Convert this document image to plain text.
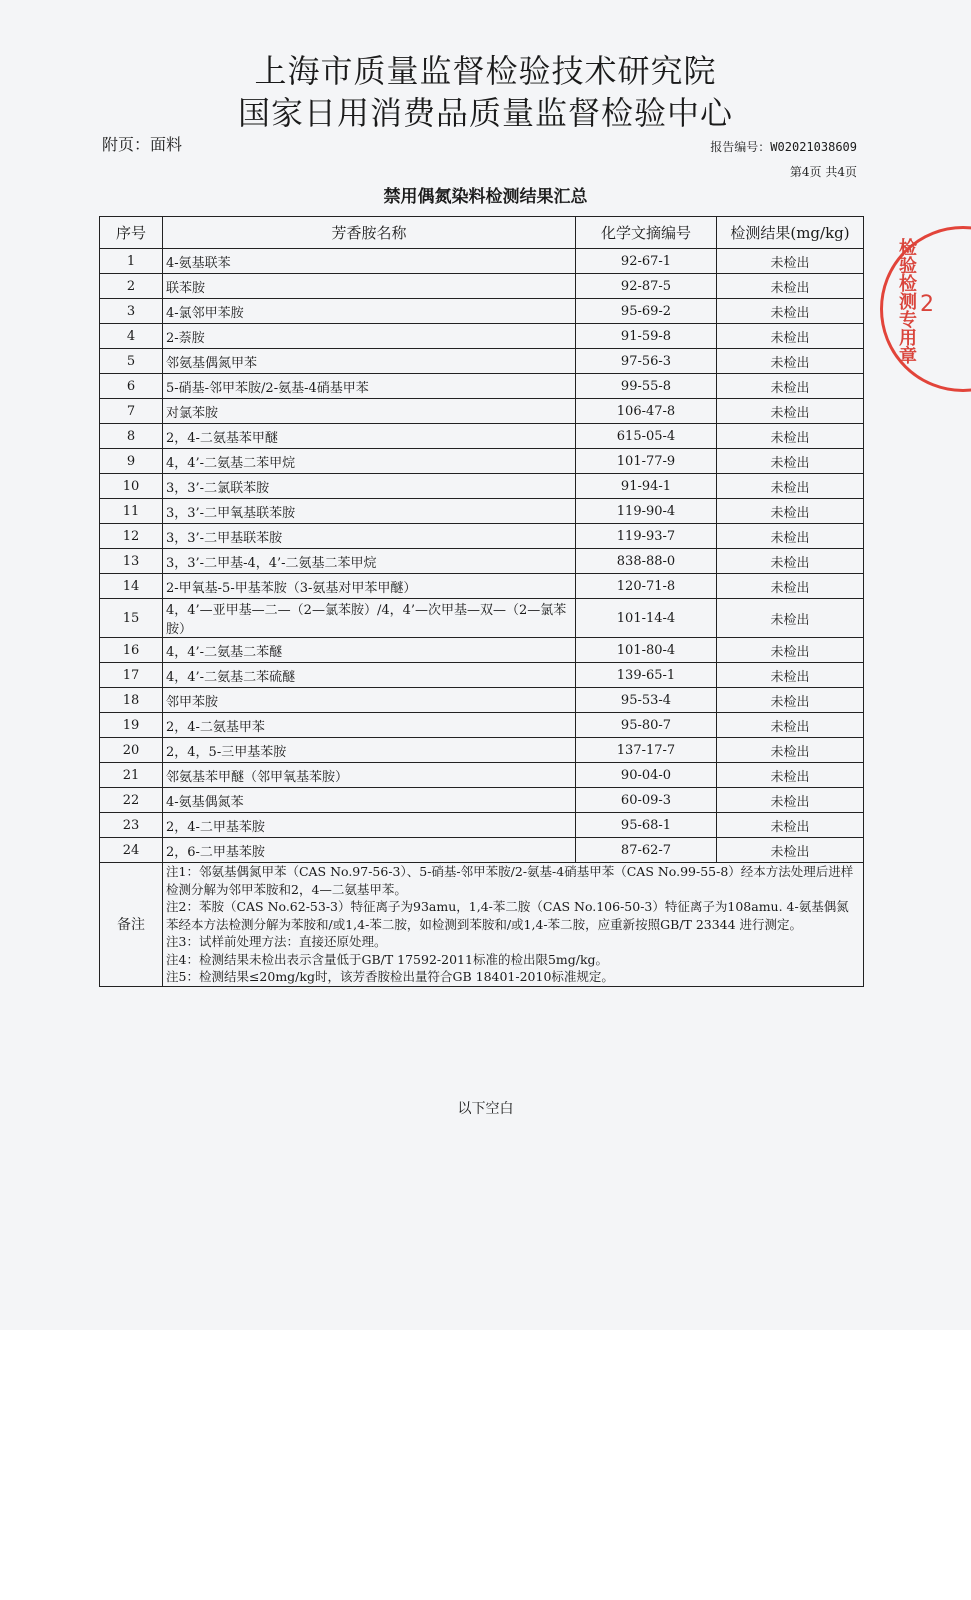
上海市质量监督检验技术研究院
国家日用消费品质量监督检验中心
附页：面料	报告编号：W02021038609
第4页 共4页
禁用偶氮染料检测结果汇总
序号	芳香胺名称	化学文摘编号	检测结果(mg/kg)
1	4-氨基联苯	92-67-1	未检出
2	联苯胺	92-87-5	未检出
3	4-氯邻甲苯胺	95-69-2	未检出
4	2-萘胺	91-59-8	未检出
5	邻氨基偶氮甲苯	97-56-3	未检出
6	5-硝基-邻甲苯胺/2-氨基-4硝基甲苯	99-55-8	未检出
7	对氯苯胺	106-47-8	未检出
8	2，4-二氨基苯甲醚	615-05-4	未检出
9	4，4’-二氨基二苯甲烷	101-77-9	未检出
10	3，3’-二氯联苯胺	91-94-1	未检出
11	3，3’-二甲氧基联苯胺	119-90-4	未检出
12	3，3’-二甲基联苯胺	119-93-7	未检出
13	3，3’-二甲基-4，4’-二氨基二苯甲烷	838-88-0	未检出
14	2-甲氧基-5-甲基苯胺（3-氨基对甲苯甲醚）	120-71-8	未检出
15	4，4’—亚甲基—二—（2—氯苯胺）/4，4’—次甲基—双—（2—氯苯胺）	101-14-4	未检出
16	4，4’-二氨基二苯醚	101-80-4	未检出
17	4，4’-二氨基二苯硫醚	139-65-1	未检出
18	邻甲苯胺	95-53-4	未检出
19	2，4-二氨基甲苯	95-80-7	未检出
20	2，4，5-三甲基苯胺	137-17-7	未检出
21	邻氨基苯甲醚（邻甲氧基苯胺）	90-04-0	未检出
22	4-氨基偶氮苯	60-09-3	未检出
23	2，4-二甲基苯胺	95-68-1	未检出
24	2，6-二甲基苯胺	87-62-7	未检出
备注	注1：邻氨基偶氮甲苯（CAS No.97-56-3）、5-硝基-邻甲苯胺/2-氨基-4硝基甲苯（CAS No.99-55-8）经本方法处理后进样检测分解为邻甲苯胺和2，4—二氨基甲苯。
注2：苯胺（CAS No.62-53-3）特征离子为93amu，1,4-苯二胺（CAS No.106-50-3）特征离子为108amu. 4-氨基偶氮苯经本方法检测分解为苯胺和/或1,4-苯二胺，如检测到苯胺和/或1,4-苯二胺，应重新按照GB/T 23344 进行测定。
注3：试样前处理方法：直接还原处理。
注4：检测结果未检出表示含量低于GB/T 17592-2011标准的检出限5mg/kg。
注5：检测结果≤20mg/kg时，该芳香胺检出量符合GB 18401-2010标准规定。		
以下空白
检验检测专用章 2
